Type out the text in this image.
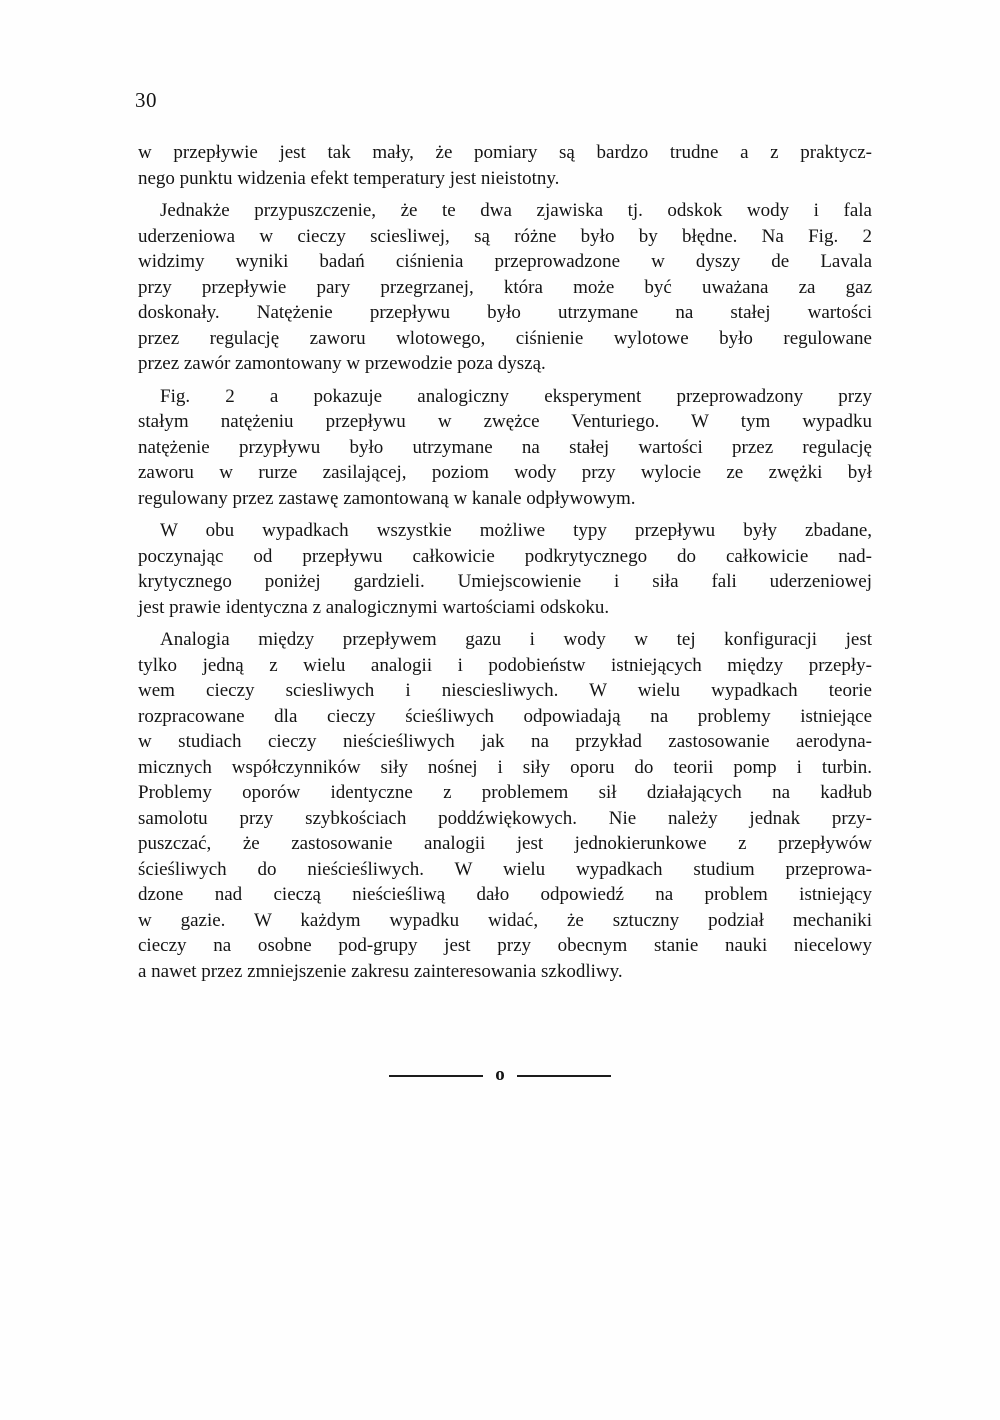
30
w przepływie jest tak mały, że pomiary są bardzo trudne a z praktycz-
nego punktu widzenia efekt temperatury jest nieistotny.
Jednakże przypuszczenie, że te dwa zjawiska tj. odskok wody i fala
uderzeniowa w cieczy sciesliwej, są różne było by błędne. Na Fig. 2
widzimy wyniki badań ciśnienia przeprowadzone w dyszy de Lavala
przy przepływie pary przegrzanej, która może być uważana za gaz
doskonały. Natężenie przepływu było utrzymane na stałej wartości
przez regulację zaworu wlotowego, ciśnienie wylotowe było regulowane
przez zawór zamontowany w przewodzie poza dyszą.
Fig. 2 a pokazuje analogiczny eksperyment przeprowadzony przy
stałym natężeniu przepływu w zwężce Venturiego. W tym wypadku
natężenie przypływu było utrzymane na stałej wartości przez regulację
zaworu w rurze zasilającej, poziom wody przy wylocie ze zwężki był
regulowany przez zastawę zamontowaną w kanale odpływowym.
W obu wypadkach wszystkie możliwe typy przepływu były zbadane,
poczynając od przepływu całkowicie podkrytycznego do całkowicie nad-
krytycznego poniżej gardzieli. Umiejscowienie i siła fali uderzeniowej
jest prawie identyczna z analogicznymi wartościami odskoku.
Analogia między przepływem gazu i wody w tej konfiguracji jest
tylko jedną z wielu analogii i podobieństw istniejących między przepły-
wem cieczy sciesliwych i niesciesliwych. W wielu wypadkach teorie
rozpracowane dla cieczy ścieśliwych odpowiadają na problemy istniejące
w studiach cieczy nieścieśliwych jak na przykład zastosowanie aerodyna-
micznych współczynników siły nośnej i siły oporu do teorii pomp i turbin.
Problemy oporów identyczne z problemem sił działających na kadłub
samolotu przy szybkościach poddźwiękowych. Nie należy jednak przy-
puszczać, że zastosowanie analogii jest jednokierunkowe z przepływów
ścieśliwych do nieścieśliwych. W wielu wypadkach studium przeprowa-
dzone nad cieczą nieścieśliwą dało odpowiedź na problem istniejący
w gazie. W każdym wypadku widać, że sztuczny podział mechaniki
cieczy na osobne pod-grupy jest przy obecnym stanie nauki niecelowy
a nawet przez zmniejszenie zakresu zainteresowania szkodliwy.
o
